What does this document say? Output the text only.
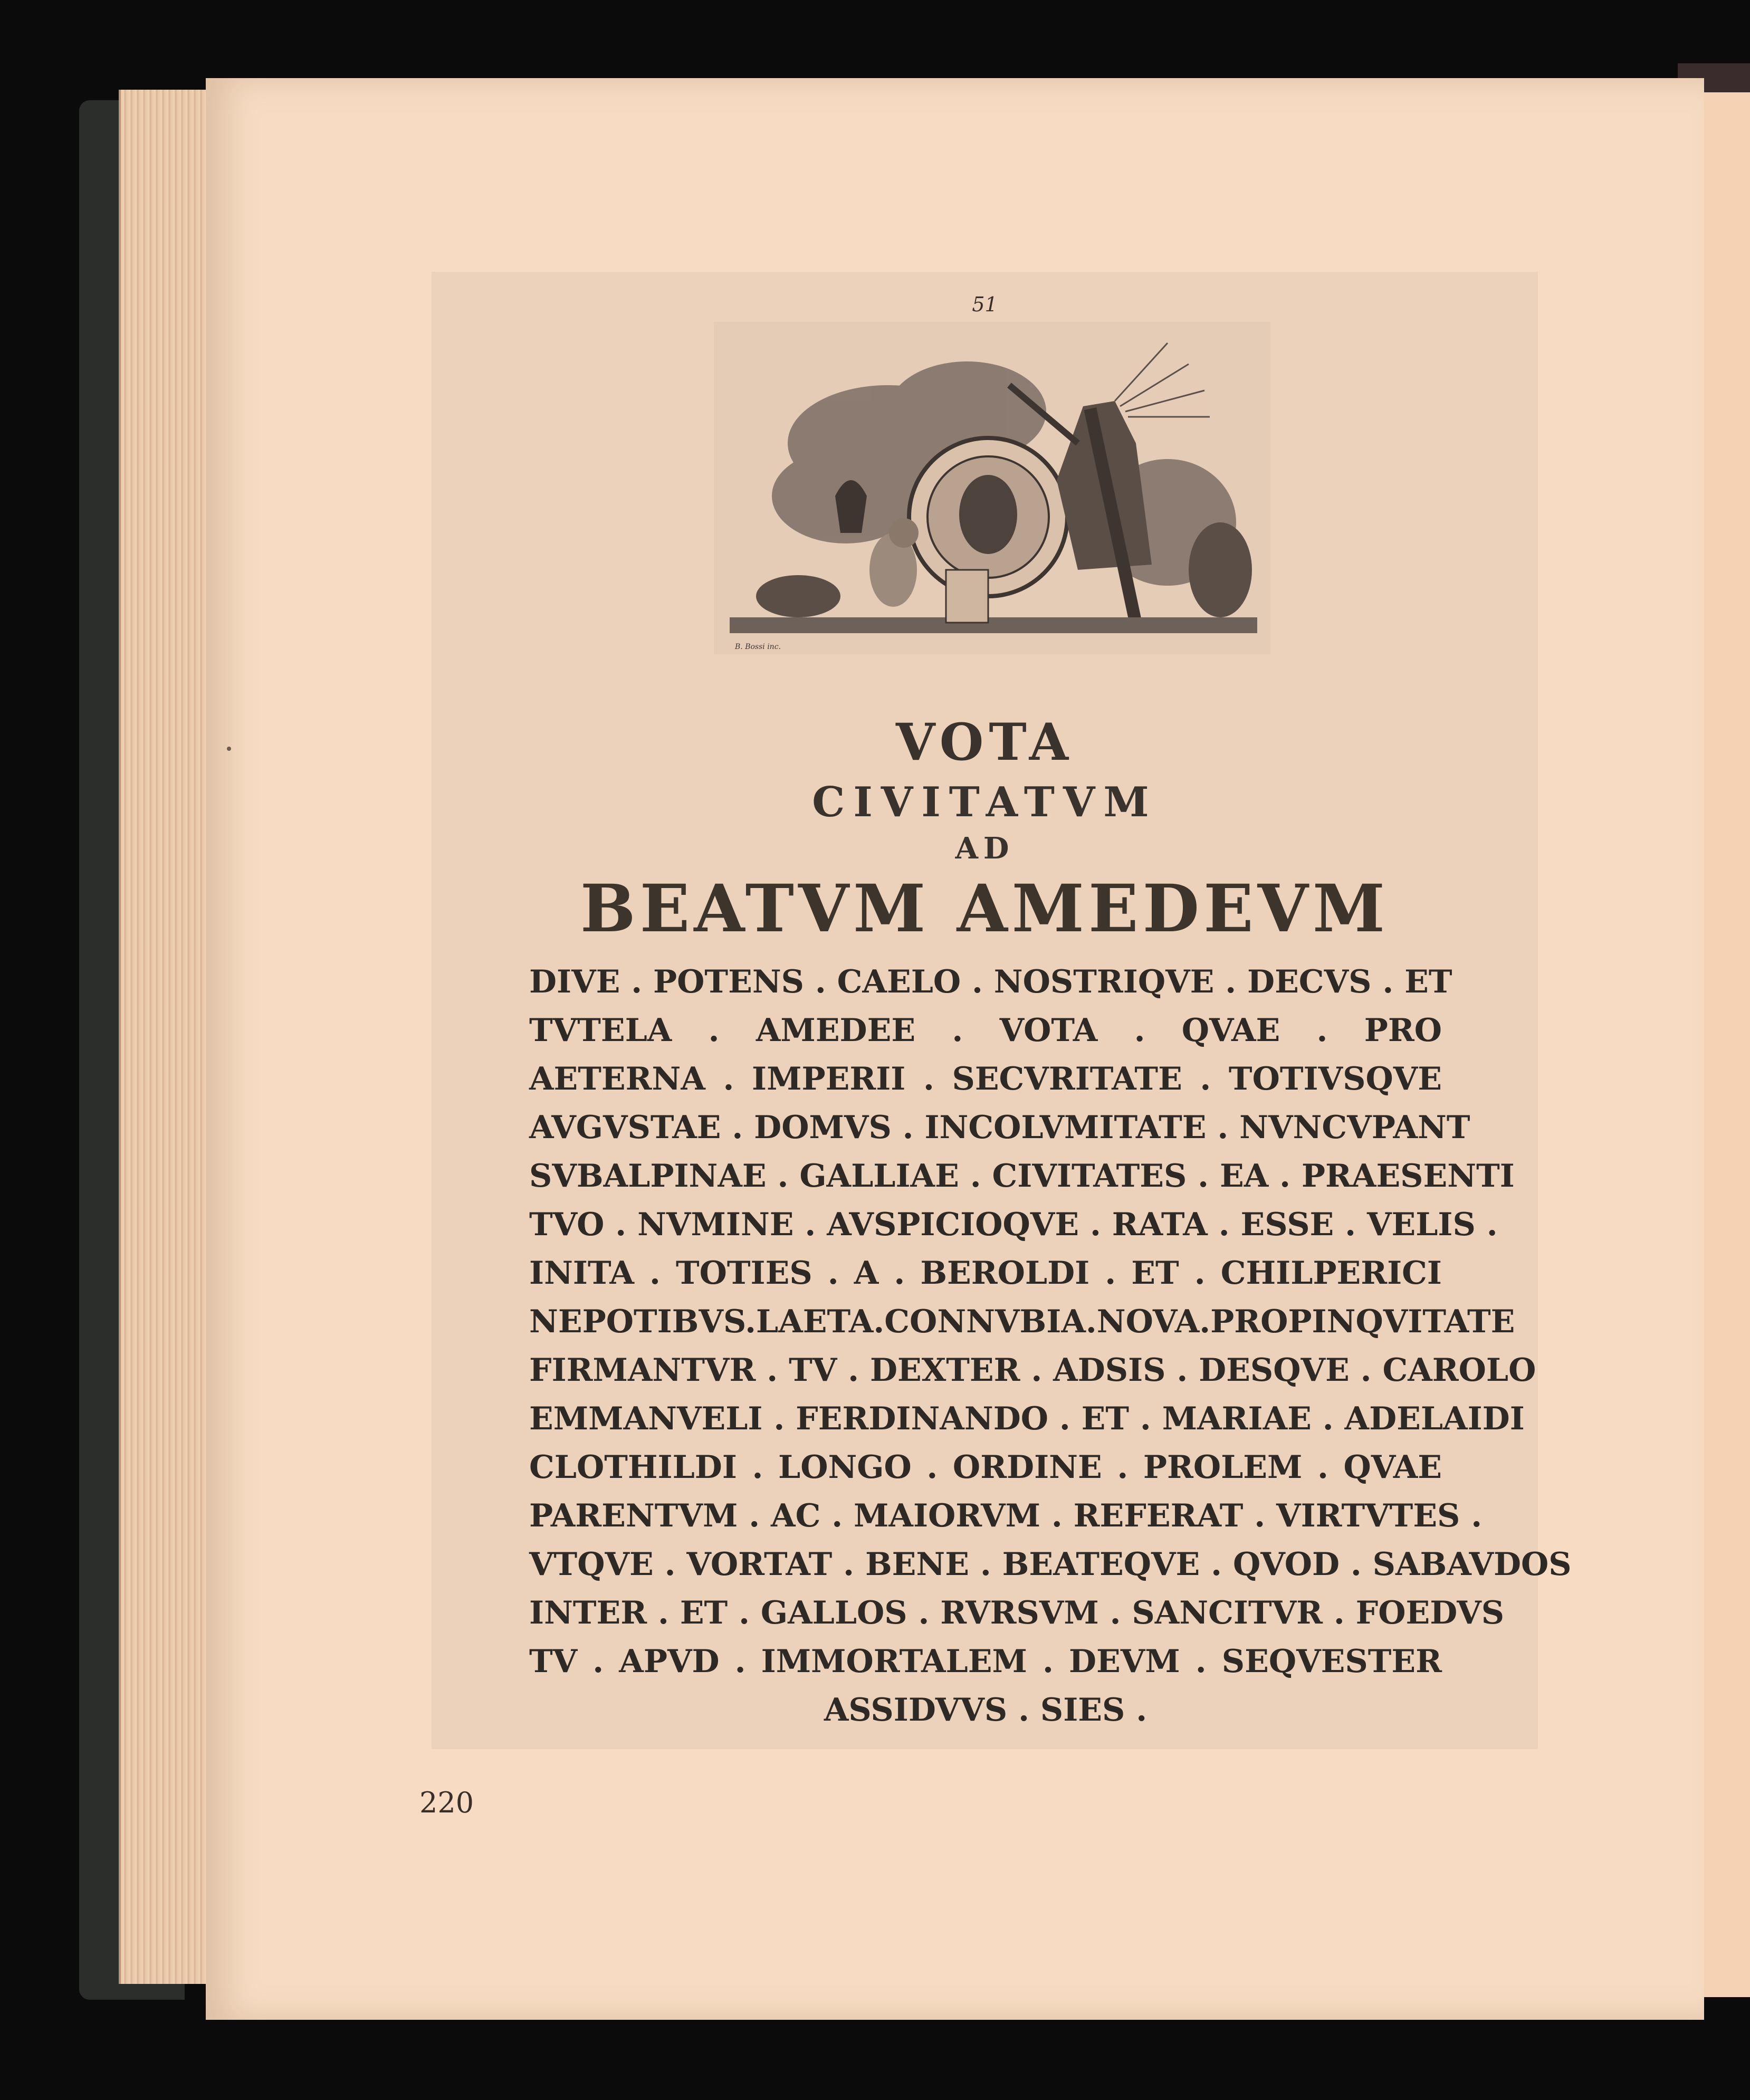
51
B. Bossi inc.
VOTA
CIVITATVM
AD
BEATVM AMEDEVM
DIVE . POTENS . CAELO . NOSTRIQVE . DECVS . ET
TVTELA . AMEDEE . VOTA . QVAE . PRO
AETERNA . IMPERII . SECVRITATE . TOTIVSQVE
AVGVSTAE . DOMVS . INCOLVMITATE . NVNCVPANT
SVBALPINAE . GALLIAE . CIVITATES . EA . PRAESENTI
TVO . NVMINE . AVSPICIOQVE . RATA . ESSE . VELIS .
INITA . TOTIES . A . BEROLDI . ET . CHILPERICI
NEPOTIBVS.LAETA.CONNVBIA.NOVA.PROPINQVITATE
FIRMANTVR . TV . DEXTER . ADSIS . DESQVE . CAROLO
EMMANVELI . FERDINANDO . ET . MARIAE . ADELAIDI
CLOTHILDI . LONGO . ORDINE . PROLEM . QVAE
PARENTVM . AC . MAIORVM . REFERAT . VIRTVTES .
VTQVE . VORTAT . BENE . BEATEQVE . QVOD . SABAVDOS
INTER . ET . GALLOS . RVRSVM . SANCITVR . FOEDVS
TV . APVD . IMMORTALEM . DEVM . SEQVESTER
ASSIDVVS . SIES .
220
